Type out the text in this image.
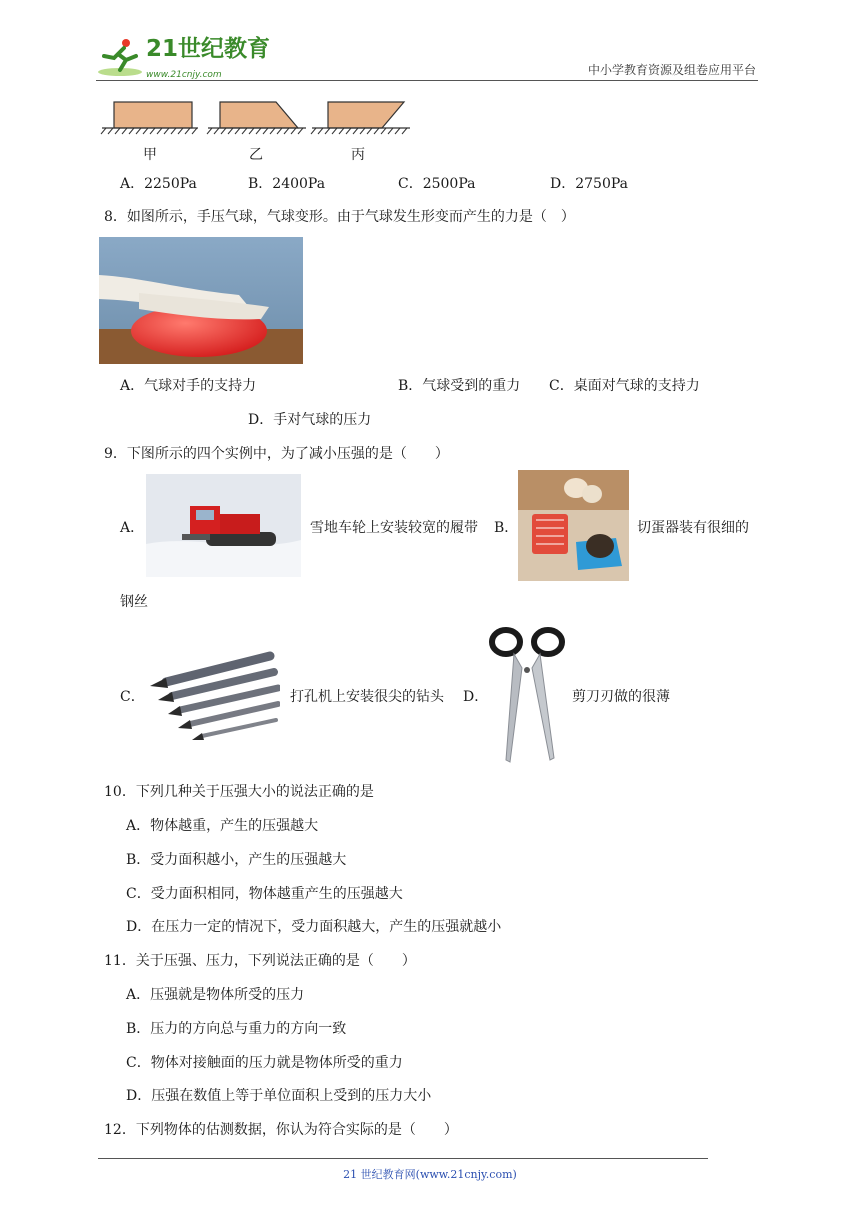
21世纪教育
www.21cnjy.com	中小学教育资源及组卷应用平台
甲	乙	丙
A．2250Pa	B．2400Pa	C．2500Pa	D．2750Pa
8．如图所示，手压气球，气球变形。由于气球发生形变而产生的力是（　）
A．气球对手的支持力	B．气球受到的重力 C．桌面对气球的支持力
D．手对气球的压力
9．下图所示的四个实例中，为了减小压强的是（　　）
A．	雪地车轮上安装较宽的履带 B．	切蛋器装有很细的
钢丝
C．	打孔机上安装很尖的钻头 D．	剪刀刃做的很薄
10．下列几种关于压强大小的说法正确的是
A．物体越重，产生的压强越大
B．受力面积越小，产生的压强越大
C．受力面积相同，物体越重产生的压强越大
D．在压力一定的情况下，受力面积越大，产生的压强就越小
11．关于压强、压力，下列说法正确的是（　　）
A．压强就是物体所受的压力
B．压力的方向总与重力的方向一致
C．物体对接触面的压力就是物体所受的重力
D．压强在数值上等于单位面积上受到的压力大小
12．下列物体的估测数据，你认为符合实际的是（　　）
21 世纪教育网(www.21cnjy.com)
